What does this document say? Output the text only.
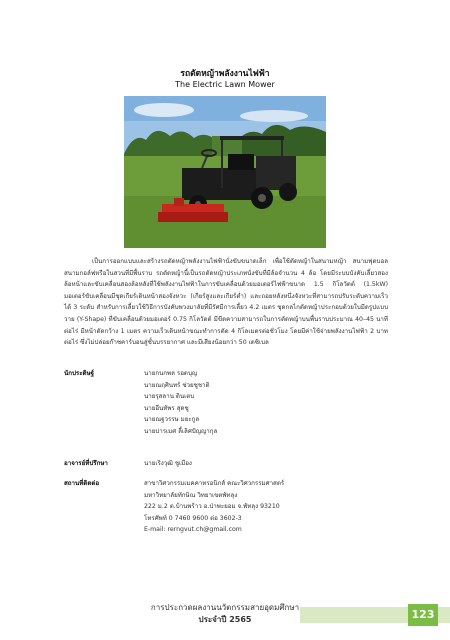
รถตัดหญ้าพลังงานไฟฟ้า
The Electric Lawn Mower

เป็นการออกแบบและสร้างรถตัดหญ้าพลังงานไฟฟ้านั่งขับขนาดเล็ก เพื่อใช้ตัดหญ้าในสนามหญ้า สนามฟุตบอล สนามกอล์ฟหรือในสวนที่มีพื้นราบ รถตัดหญ้านี้เป็นรถตัดหญ้าประเภทนั่งขับที่มีล้อจำนวน 4 ล้อ โดยมีระบบบังคับเลี้ยวสองล้อหน้าและขับเคลื่อนสองล้อหลังที่ใช้พลังงานไฟฟ้าในการขับเคลื่อนด้วยมอเตอร์ไฟฟ้าขนาด 1.5 กิโลวัตต์ (1.5kW) มอเตอร์ขับเคลื่อนมีชุดเกียร์เดินหน้าสองจังหวะ (เกียร์สูงและเกียร์ต่ำ) และถอยหลังหนึ่งจังหวะที่สามารถปรับระดับความเร็วได้ 3 ระดับ สำหรับการเลี้ยวใช้วิธีการบังคับพวงมาลัยที่มีรัศมีการเลี้ยว 4.2 เมตร ชุดกลไกตัดหญ้าประกอบด้วยใบมีดรูปแบบวาย (Y-Shape) ที่ขับเคลื่อนด้วยมอเตอร์ 0.75 กิโลวัตต์ มีขีดความสามารถในการตัดหญ้าบนพื้นราบประมาณ 40–45 นาทีต่อไร่ มีหน้าตัดกว้าง 1 เมตร ความเร็วเดินหน้าขณะทำการตัด 4 กิโลเมตรต่อชั่วโมง โดยมีค่าใช้จ่ายพลังงานไฟฟ้า 2 บาทต่อไร่ ซึ่งไม่ปล่อยก๊าซคาร์บอนสู่ชั้นบรรยากาศ และมีเสียงน้อยกว่า 50 เดซิเบล

นักประดิษฐ์	นายกนกพล รอดบุญ
นายณฤศินทร์ ช่วยชูชาติ
นายรุสลาน ดินเตบ
นายอีนทัพร สุดชู
นายณฐวรรษ มยะกูล
นายปารเมศ ลี้เลิศปัญญากุล
อาจารย์ที่ปรึกษา	นายเริงวุฒิ ชูเมือง
สถานที่ติดต่อ	สาขาวิศวกรรมเมคคาทรอนิกส์ คณะวิศวกรรมศาสตร์
มหาวิทยาลัยทักษิณ วิทยาเขตพัทลุง
222 ม.2 ต.บ้านพร้าว อ.ป่าพะยอม จ.พัทลุง 93210
โทรศัพท์ 0 7460 9600 ต่อ 3602-3
E-mail: rerngvut.ch@gmail.com
การประกวดผลงานนวัตกรรมสายอุดมศึกษา
ประจำปี 2565	123
